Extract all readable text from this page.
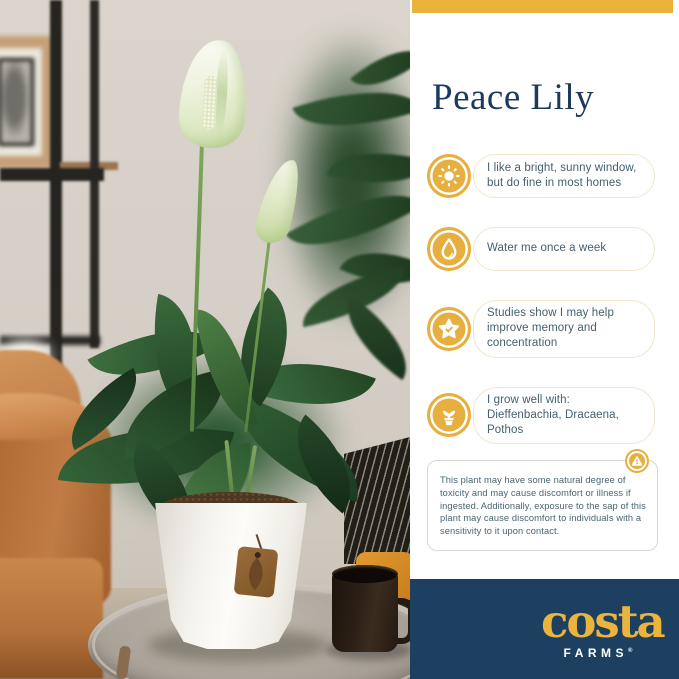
Peace Lily
I like a bright, sunny window, but do fine in most homes
Water me once a week
Studies show I may help improve memory and concentration
I grow well with: Dieffenbachia, Dracaena, Pothos
This plant may have some natural degree of toxicity and may cause discomfort or illness if ingested. Additionally, exposure to the sap of this plant may cause discomfort to individuals with a sensitivity to it upon contact.
costa
FARMS®
